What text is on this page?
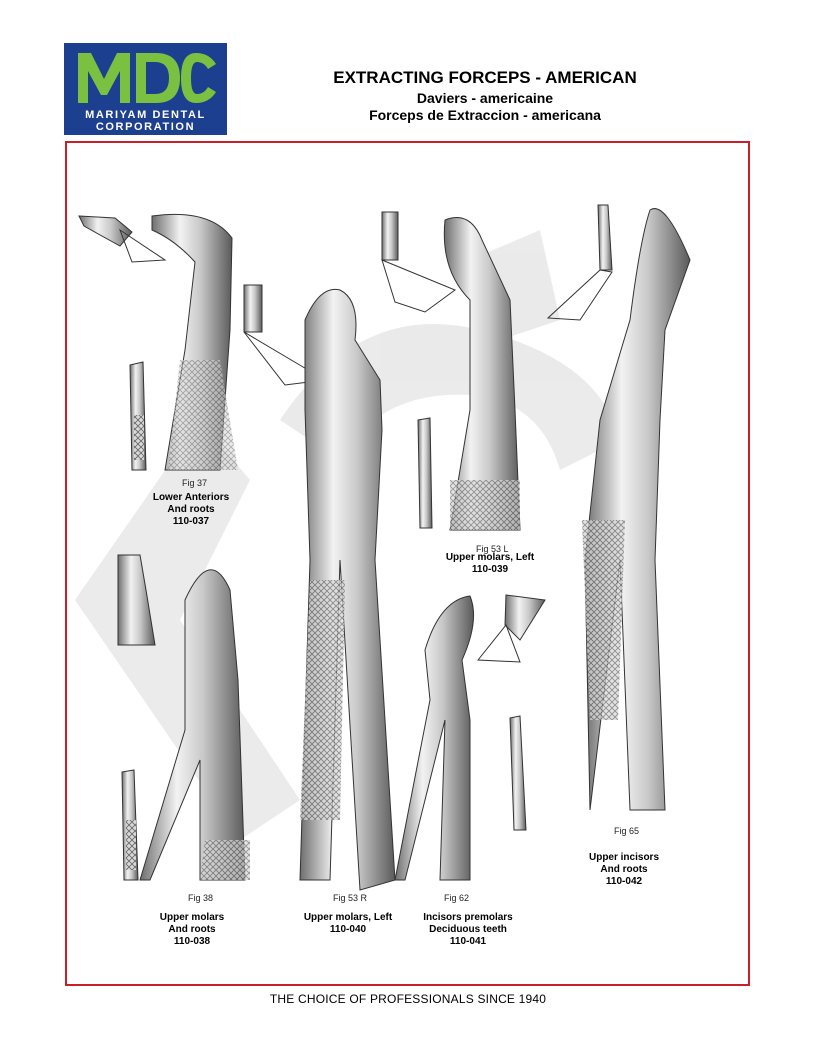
MARIYAM DENTAL
CORPORATION
EXTRACTING FORCEPS - AMERICAN
Daviers - americaine
Forceps de Extraccion - americana
Fig 37
Lower Anteriors
And roots
110-037
Fig 53 L
Upper molars, Left
110-039
Fig 65
Upper incisors
And roots
110-042
Fig 38
Upper molars
And roots
110-038
Fig 53 R
Upper molars, Left
110-040
Fig 62
Incisors premolars
Deciduous teeth
110-041
THE CHOICE OF PROFESSIONALS SINCE 1940
